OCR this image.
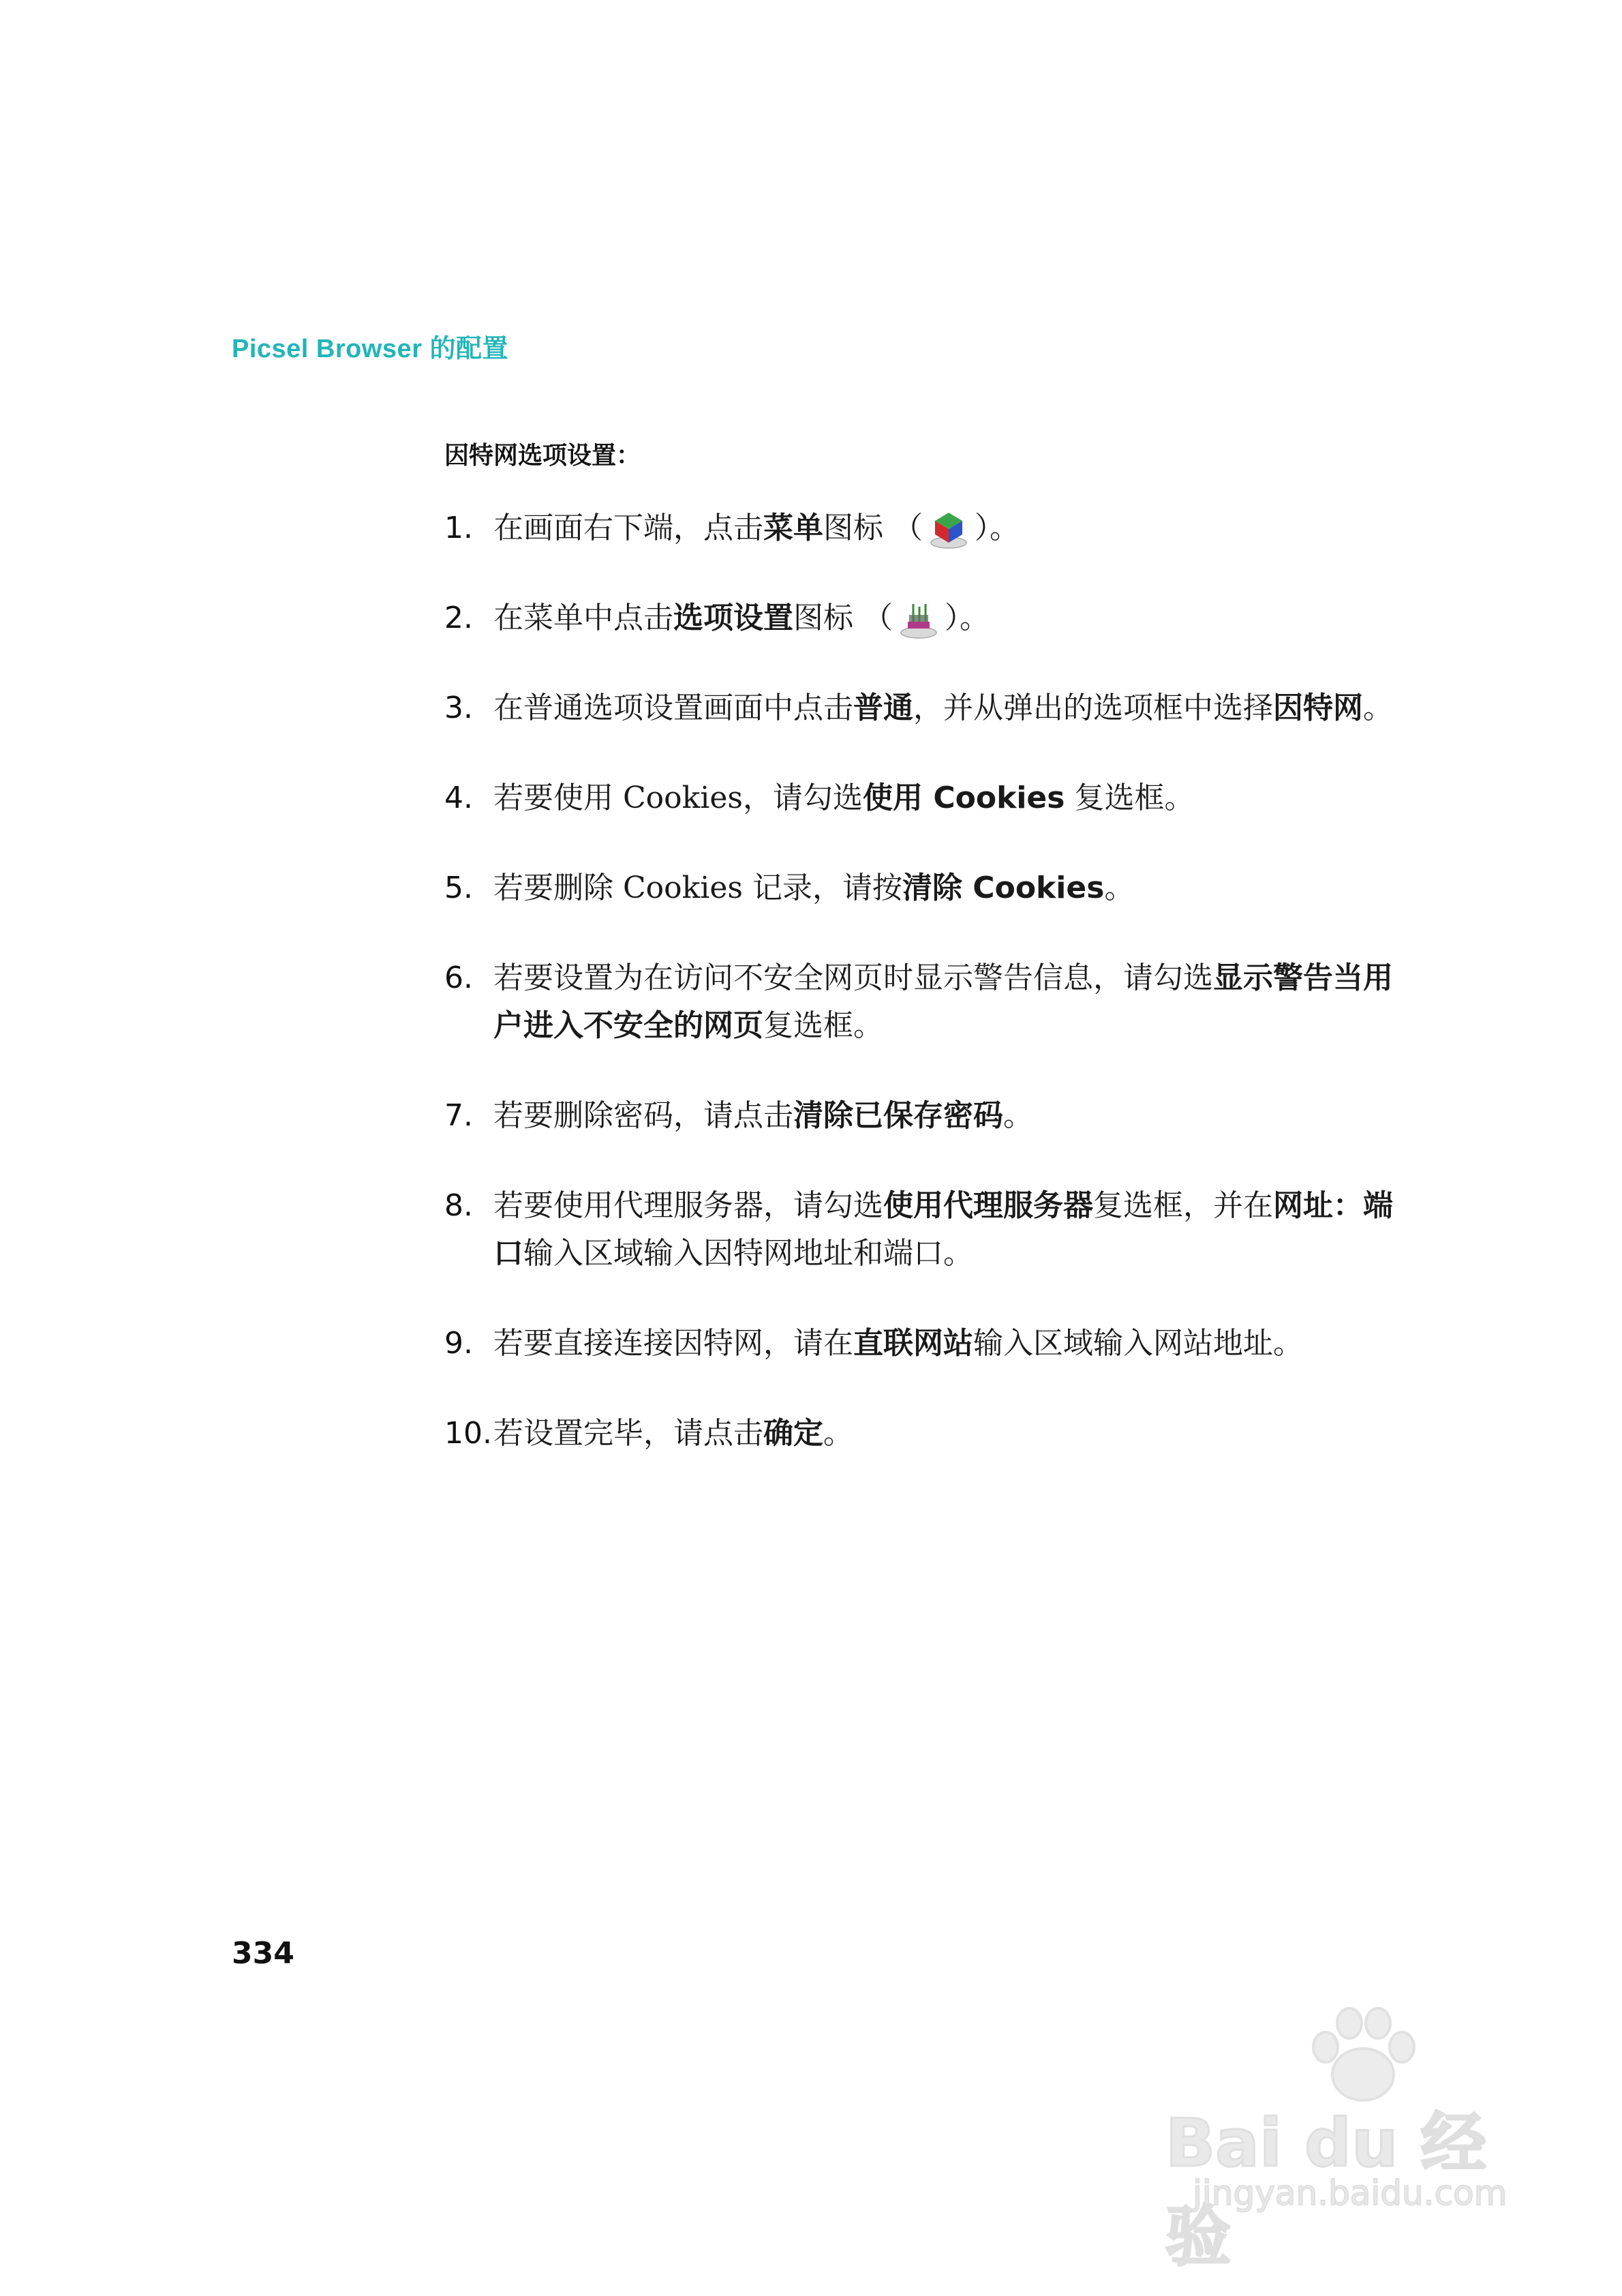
Picsel Browser 的配置
因特网选项设置：
1. 在画面右下端，点击菜单图标 （ ）。
2. 在菜单中点击选项设置图标 （ ）。
3. 在普通选项设置画面中点击普通，并从弹出的选项框中选择因特网。
4. 若要使用 Cookies，请勾选使用 Cookies 复选框。
5. 若要删除 Cookies 记录，请按清除 Cookies。
6. 若要设置为在访问不安全网页时显示警告信息，请勾选显示警告当用户进入不安全的网页复选框。
7. 若要删除密码，请点击清除已保存密码。
8. 若要使用代理服务器，请勾选使用代理服务器复选框，并在网址：端口输入区域输入因特网地址和端口。
9. 若要直接连接因特网，请在直联网站输入区域输入网站地址。
10. 若设置完毕，请点击确定。
334
Bai du 经验
jingyan.baidu.com
